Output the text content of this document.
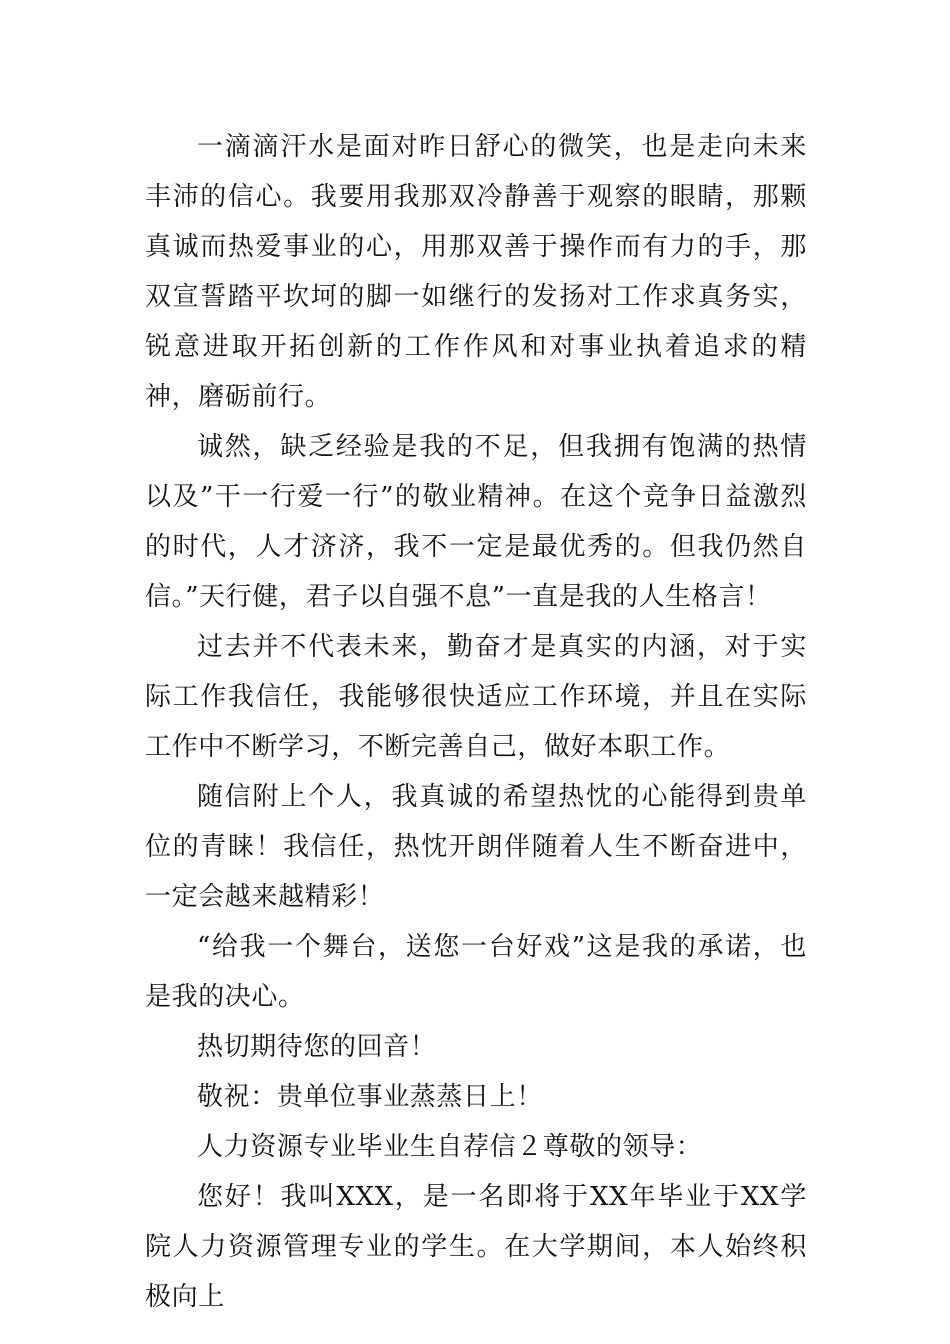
一滴滴汗水是面对昨日舒心的微笑，也是走向未来丰沛的信心。我要用我那双冷静善于观察的眼睛，那颗真诚而热爱事业的心，用那双善于操作而有力的手，那双宣誓踏平坎坷的脚一如继行的发扬对工作求真务实，锐意进取开拓创新的工作作风和对事业执着追求的精神，磨砺前行。

诚然，缺乏经验是我的不足，但我拥有饱满的热情以及”干一行爱一行”的敬业精神。在这个竞争日益激烈的时代，人才济济，我不一定是最优秀的。但我仍然自信。”天行健，君子以自强不息”一直是我的人生格言！

过去并不代表未来，勤奋才是真实的内涵，对于实际工作我信任，我能够很快适应工作环境，并且在实际工作中不断学习，不断完善自己，做好本职工作。

随信附上个人，我真诚的希望热忱的心能得到贵单位的青睐！我信任，热忱开朗伴随着人生不断奋进中，一定会越来越精彩！

“给我一个舞台，送您一台好戏”这是我的承诺，也是我的决心。

热切期待您的回音！

敬祝：贵单位事业蒸蒸日上！

人力资源专业毕业生自荐信２尊敬的领导：

您好！我叫XXX，是一名即将于XX年毕业于XX学院人力资源管理专业的学生。在大学期间，本人始终积极向上
